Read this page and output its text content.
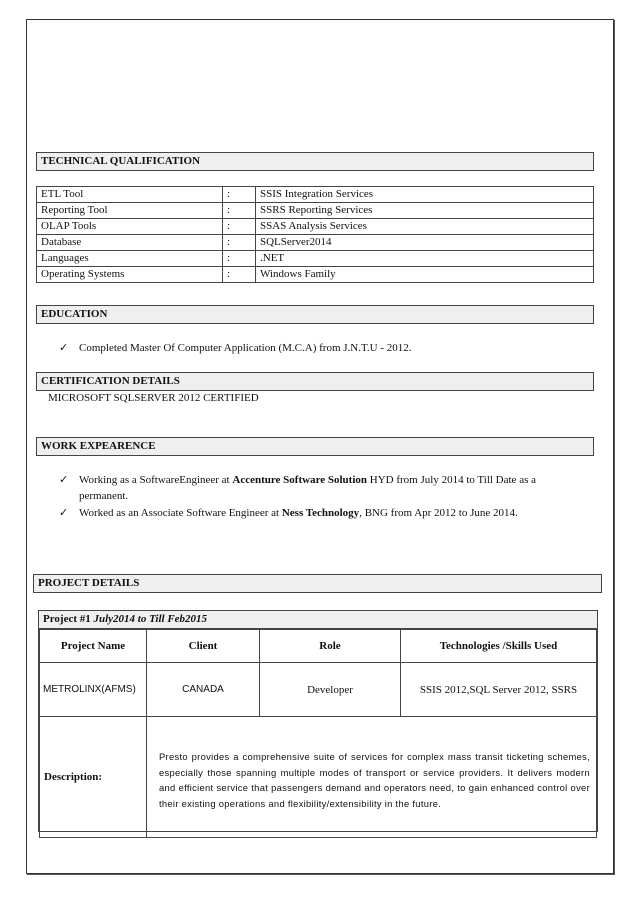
TECHNICAL QUALIFICATION
ETL Tool	:	SSIS Integration Services
Reporting Tool	:	SSRS Reporting Services
OLAP Tools	:	SSAS Analysis Services
Database	:	SQLServer2014
Languages	:	.NET
Operating Systems	:	Windows Family
EDUCATION
✓ Completed Master Of Computer Application (M.C.A) from J.N.T.U - 2012.
CERTIFICATION DETAILS
MICROSOFT SQLSERVER 2012 CERTIFIED
WORK EXPEARENCE
✓ Working as a SoftwareEngineer at Accenture Software Solution HYD from July 2014 to Till Date as a
permanent.
✓ Worked as an Associate Software Engineer at Ness Technology, BNG from Apr 2012 to June 2014.
PROJECT DETAILS
Project #1 July2014 to Till Feb2015
Project Name	Client	Role	Technologies /Skills Used
METROLINX(AFMS)	CANADA	Developer	SSIS 2012,SQL Server 2012, SSRS
Description:	Presto provides a comprehensive suite of services for complex mass transit ticketing schemes, especially those spanning multiple modes of transport or service providers. It delivers modern and efficient service that passengers demand and operators need, to gain enhanced control over their existing operations and flexibility/extensibility in the future.		
